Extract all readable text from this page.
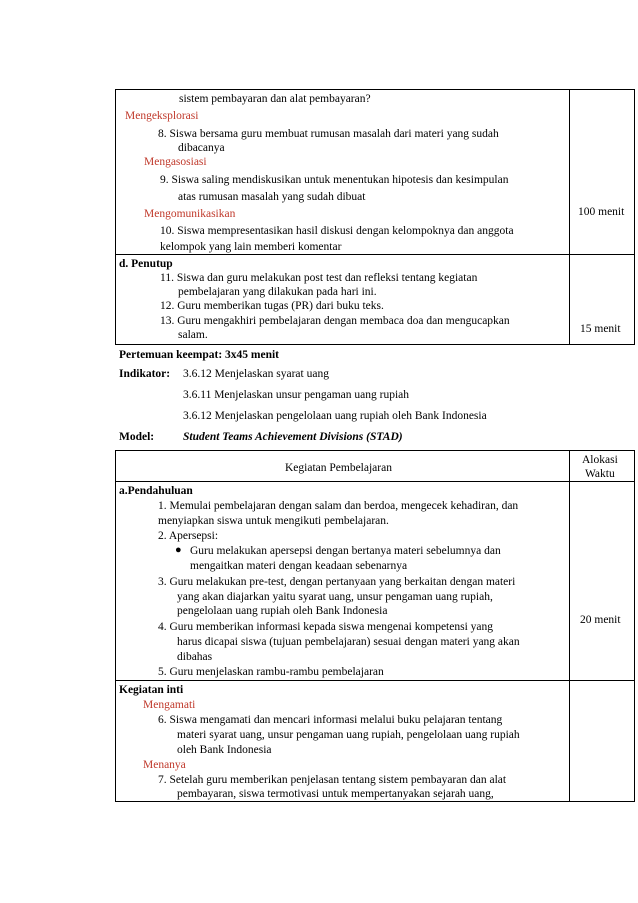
sistem pembayaran dan alat pembayaran?
Mengeksplorasi
8. Siswa bersama guru membuat rumusan masalah dari materi yang sudah
dibacanya
Mengasosiasi
9. Siswa saling mendiskusikan untuk menentukan hipotesis dan kesimpulan
atas rumusan masalah yang sudah dibuat
Mengomunikasikan
10. Siswa mempresentasikan hasil diskusi dengan kelompoknya dan anggota
kelompok yang lain memberi komentar
100 menit
d. Penutup
11. Siswa dan guru melakukan post test dan refleksi tentang kegiatan
pembelajaran yang dilakukan pada hari ini.
12. Guru memberikan tugas (PR) dari buku teks.
13. Guru mengakhiri pembelajaran dengan membaca doa dan mengucapkan
salam.	15 menit
Pertemuan keempat: 3x45 menit
Indikator: 3.6.12 Menjelaskan syarat uang
3.6.11 Menjelaskan unsur pengaman uang rupiah
3.6.12 Menjelaskan pengelolaan uang rupiah oleh Bank Indonesia
Model:	Student Teams Achievement Divisions (STAD)
Kegiatan Pembelajaran
Alokasi
Waktu
a.Pendahuluan
1. Memulai pembelajaran dengan salam dan berdoa, mengecek kehadiran, dan
menyiapkan siswa untuk mengikuti pembelajaran.
2. Apersepsi:
● Guru melakukan apersepsi dengan bertanya materi sebelumnya dan
mengaitkan materi dengan keadaan sebenarnya
3. Guru melakukan pre-test, dengan pertanyaan yang berkaitan dengan materi
yang akan diajarkan yaitu syarat uang, unsur pengaman uang rupiah,
pengelolaan uang rupiah oleh Bank Indonesia
4. Guru memberikan informasi kepada siswa mengenai kompetensi yang
harus dicapai siswa (tujuan pembelajaran) sesuai dengan materi yang akan
dibahas
5. Guru menjelaskan rambu-rambu pembelajaran
20 menit
Kegiatan inti
Mengamati
6. Siswa mengamati dan mencari informasi melalui buku pelajaran tentang
materi syarat uang, unsur pengaman uang rupiah, pengelolaan uang rupiah
oleh Bank Indonesia
Menanya
7. Setelah guru memberikan penjelasan tentang sistem pembayaran dan alat
pembayaran, siswa termotivasi untuk mempertanyakan sejarah uang,
